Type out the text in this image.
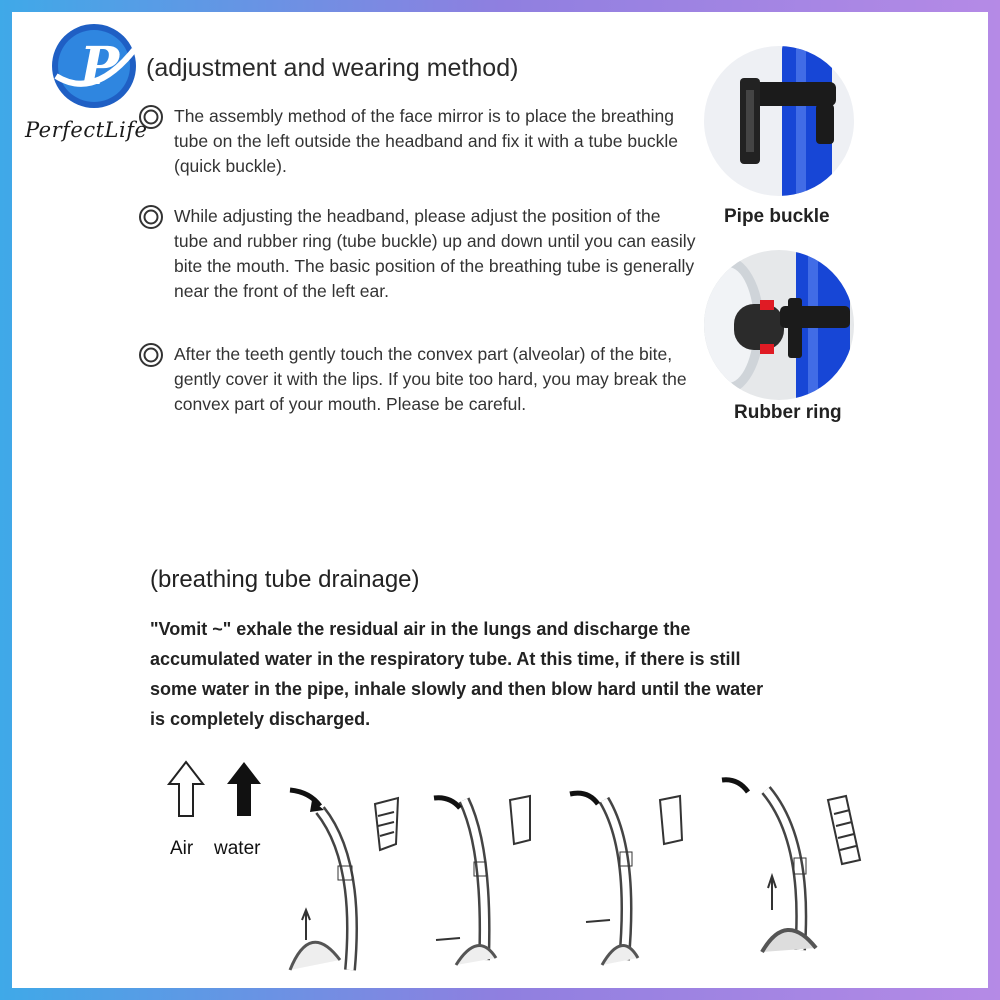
P
PerfectLife
(adjustment and wearing method)

The assembly method of the face mirror is to place the breathing tube on the left outside the headband and fix it with a tube buckle (quick buckle).

While adjusting the headband, please adjust the position of the tube and rubber ring (tube buckle) up and down until you can easily bite the mouth. The basic position of the breathing tube is generally near the front of the left ear.

After the teeth gently touch the convex part (alveolar) of the bite, gently cover it with the lips. If you bite too hard, you may break the convex part of your mouth. Please be careful.

Pipe buckle
Rubber ring
(breathing tube drainage)

"Vomit ~" exhale the residual air in the lungs and discharge the accumulated water in the respiratory tube. At this time, if there is still some water in the pipe, inhale slowly and then blow hard until the water is completely discharged.

Air water
